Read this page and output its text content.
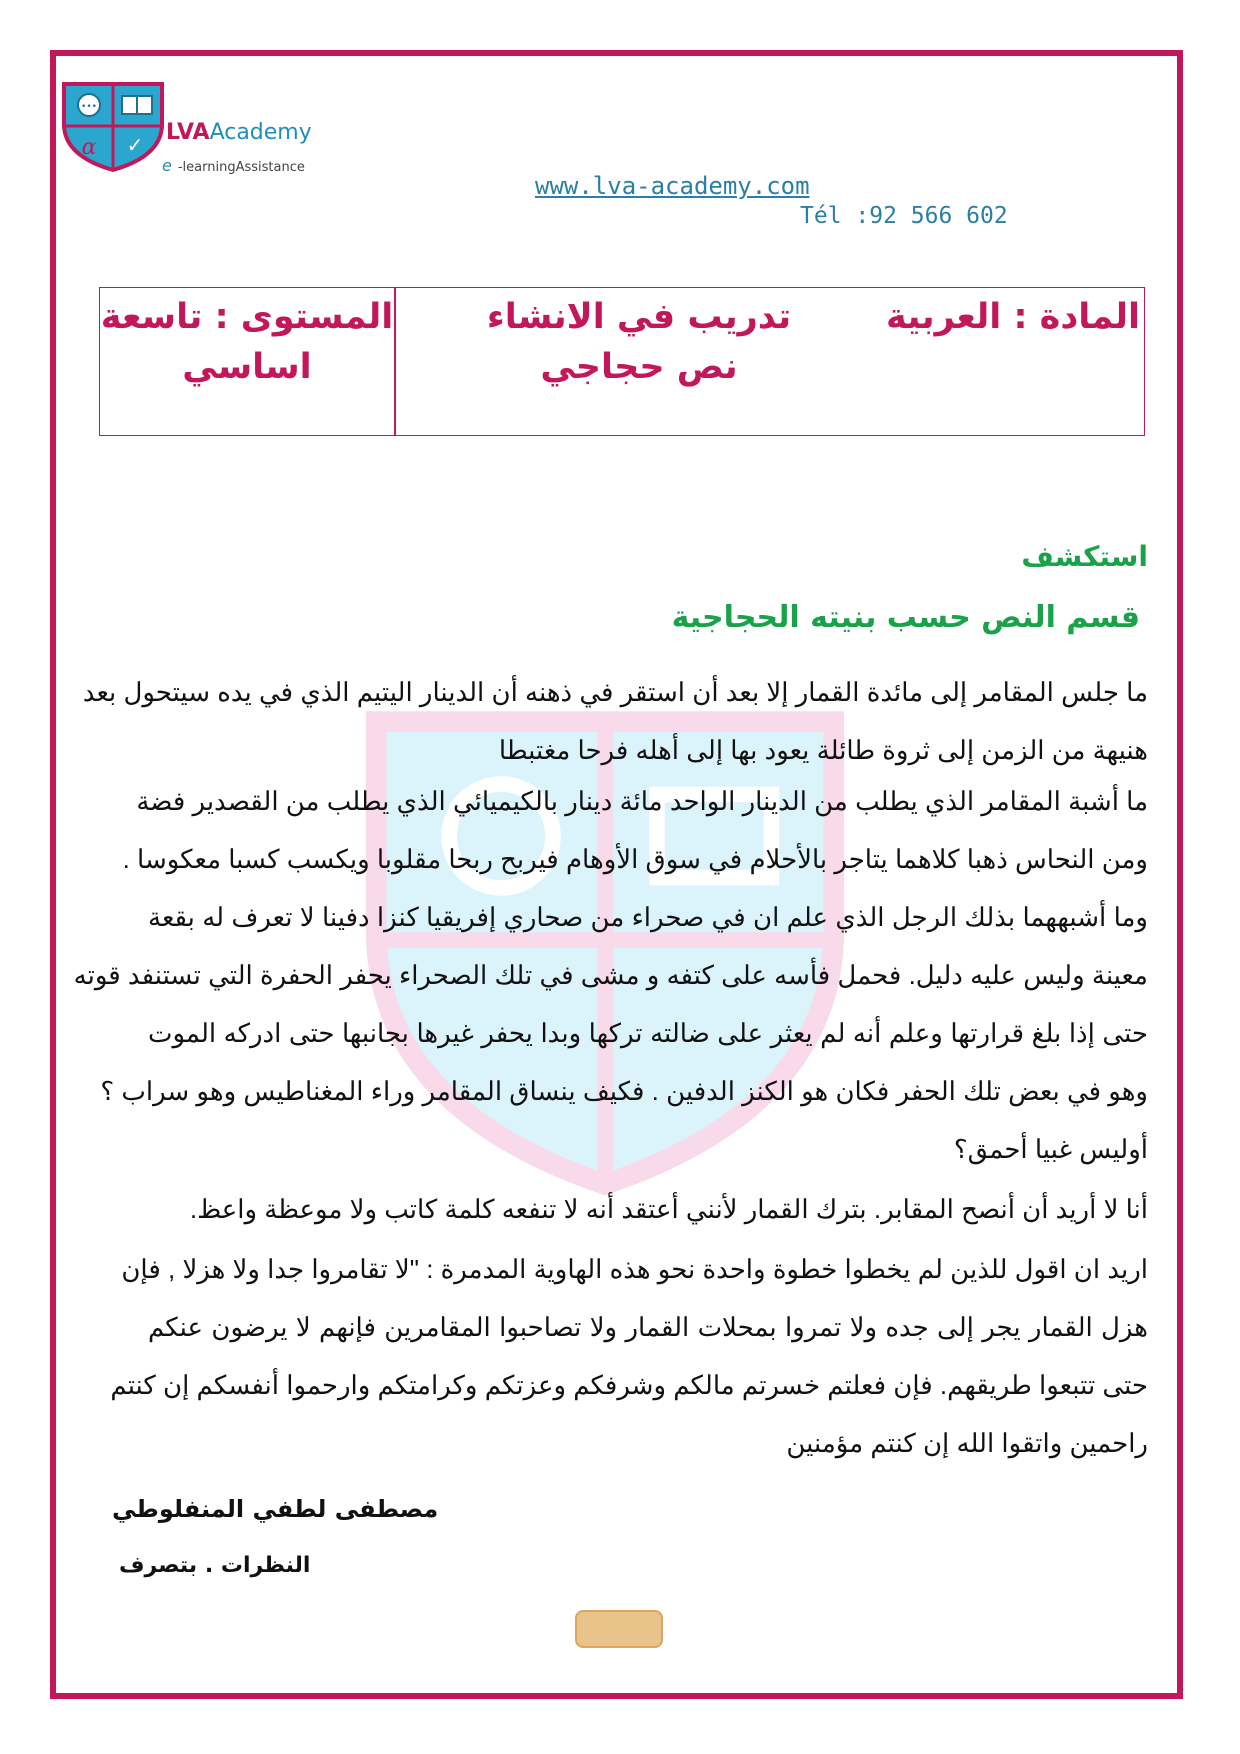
•••
α ✓ LVAAcademy
e -learningAssistance
www.lva-academy.com
Tél :92 566 602
المادة : العربية
تدريب في الانشاء
نص حجاجي
المستوى : تاسعة
اساسي
استكشف
قسم النص حسب بنيته الحجاجية
ما جلس المقامر إلى مائدة القمار إلا بعد أن استقر في ذهنه أن الدينار اليتيم الذي في يده سيتحول بعد
هنيهة من الزمن إلى ثروة طائلة يعود بها إلى أهله فرحا مغتبطا
ما أشبة المقامر الذي يطلب من الدينار الواحد مائة دينار بالكيميائي الذي يطلب من القصدير فضة
ومن النحاس ذهبا كلاهما يتاجر بالأحلام في سوق الأوهام فيربح ربحا مقلوبا ويكسب كسبا معكوسا .
وما أشبههما بذلك الرجل الذي علم ان في صحراء من صحاري إفريقيا كنزا دفينا لا تعرف له بقعة
معينة وليس عليه دليل. فحمل فأسه على كتفه و مشى في تلك الصحراء يحفر الحفرة التي تستنفد قوته
حتى إذا بلغ قرارتها وعلم أنه لم يعثر على ضالته تركها وبدا يحفر غيرها بجانبها حتى ادركه الموت
وهو في بعض تلك الحفر فكان هو الكنز الدفين . فكيف ينساق المقامر وراء المغناطيس وهو سراب ؟
أوليس غبيا أحمق؟
أنا لا أريد أن أنصح المقابر. بترك القمار لأنني أعتقد أنه لا تنفعه كلمة كاتب ولا موعظة واعظ.
اريد ان اقول للذين لم يخطوا خطوة واحدة نحو هذه الهاوية المدمرة : "لا تقامروا جدا ولا هزلا , فإن
هزل القمار يجر إلى جده ولا تمروا بمحلات القمار ولا تصاحبوا المقامرين فإنهم لا يرضون عنكم
حتى تتبعوا طريقهم. فإن فعلتم خسرتم مالكم وشرفكم وعزتكم وكرامتكم وارحموا أنفسكم إن كنتم
راحمين واتقوا الله إن كنتم مؤمنين
مصطفى لطفي المنفلوطي
النظرات . بتصرف
